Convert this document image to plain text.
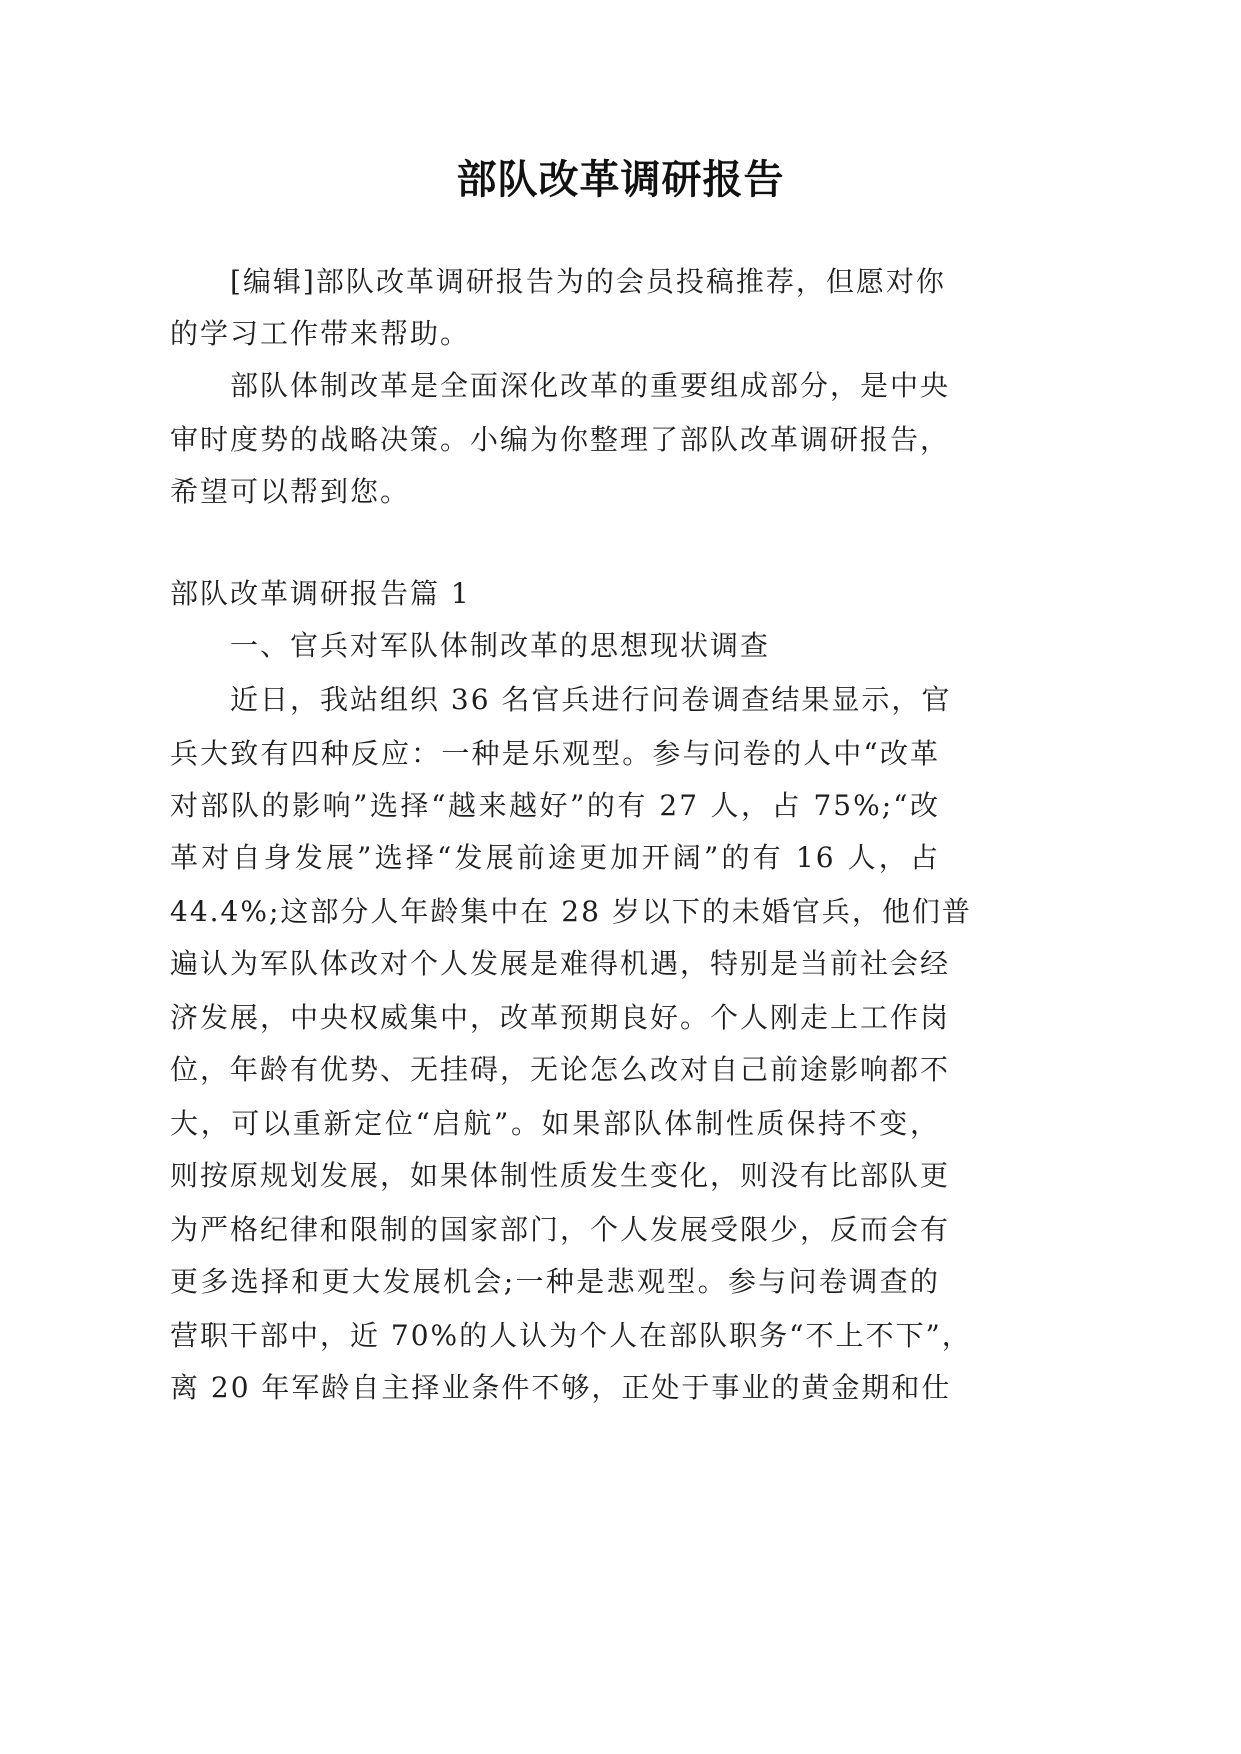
部队改革调研报告
[编辑]部队改革调研报告为的会员投稿推荐，但愿对你
的学习工作带来帮助。
部队体制改革是全面深化改革的重要组成部分，是中央
审时度势的战略决策。小编为你整理了部队改革调研报告，
希望可以帮到您。
部队改革调研报告篇 1
一、官兵对军队体制改革的思想现状调查
近日，我站组织 36 名官兵进行问卷调查结果显示，官
兵大致有四种反应：一种是乐观型。参与问卷的人中“改革
对部队的影响”选择“越来越好”的有 27 人，占 75%;“改
革对自身发展”选择“发展前途更加开阔”的有 16 人，占
44.4%;这部分人年龄集中在 28 岁以下的未婚官兵，他们普
遍认为军队体改对个人发展是难得机遇，特别是当前社会经
济发展，中央权威集中，改革预期良好。个人刚走上工作岗
位，年龄有优势、无挂碍，无论怎么改对自己前途影响都不
大，可以重新定位“启航”。如果部队体制性质保持不变，
则按原规划发展，如果体制性质发生变化，则没有比部队更
为严格纪律和限制的国家部门，个人发展受限少，反而会有
更多选择和更大发展机会;一种是悲观型。参与问卷调查的
营职干部中，近 70%的人认为个人在部队职务“不上不下”，
离 20 年军龄自主择业条件不够，正处于事业的黄金期和仕
